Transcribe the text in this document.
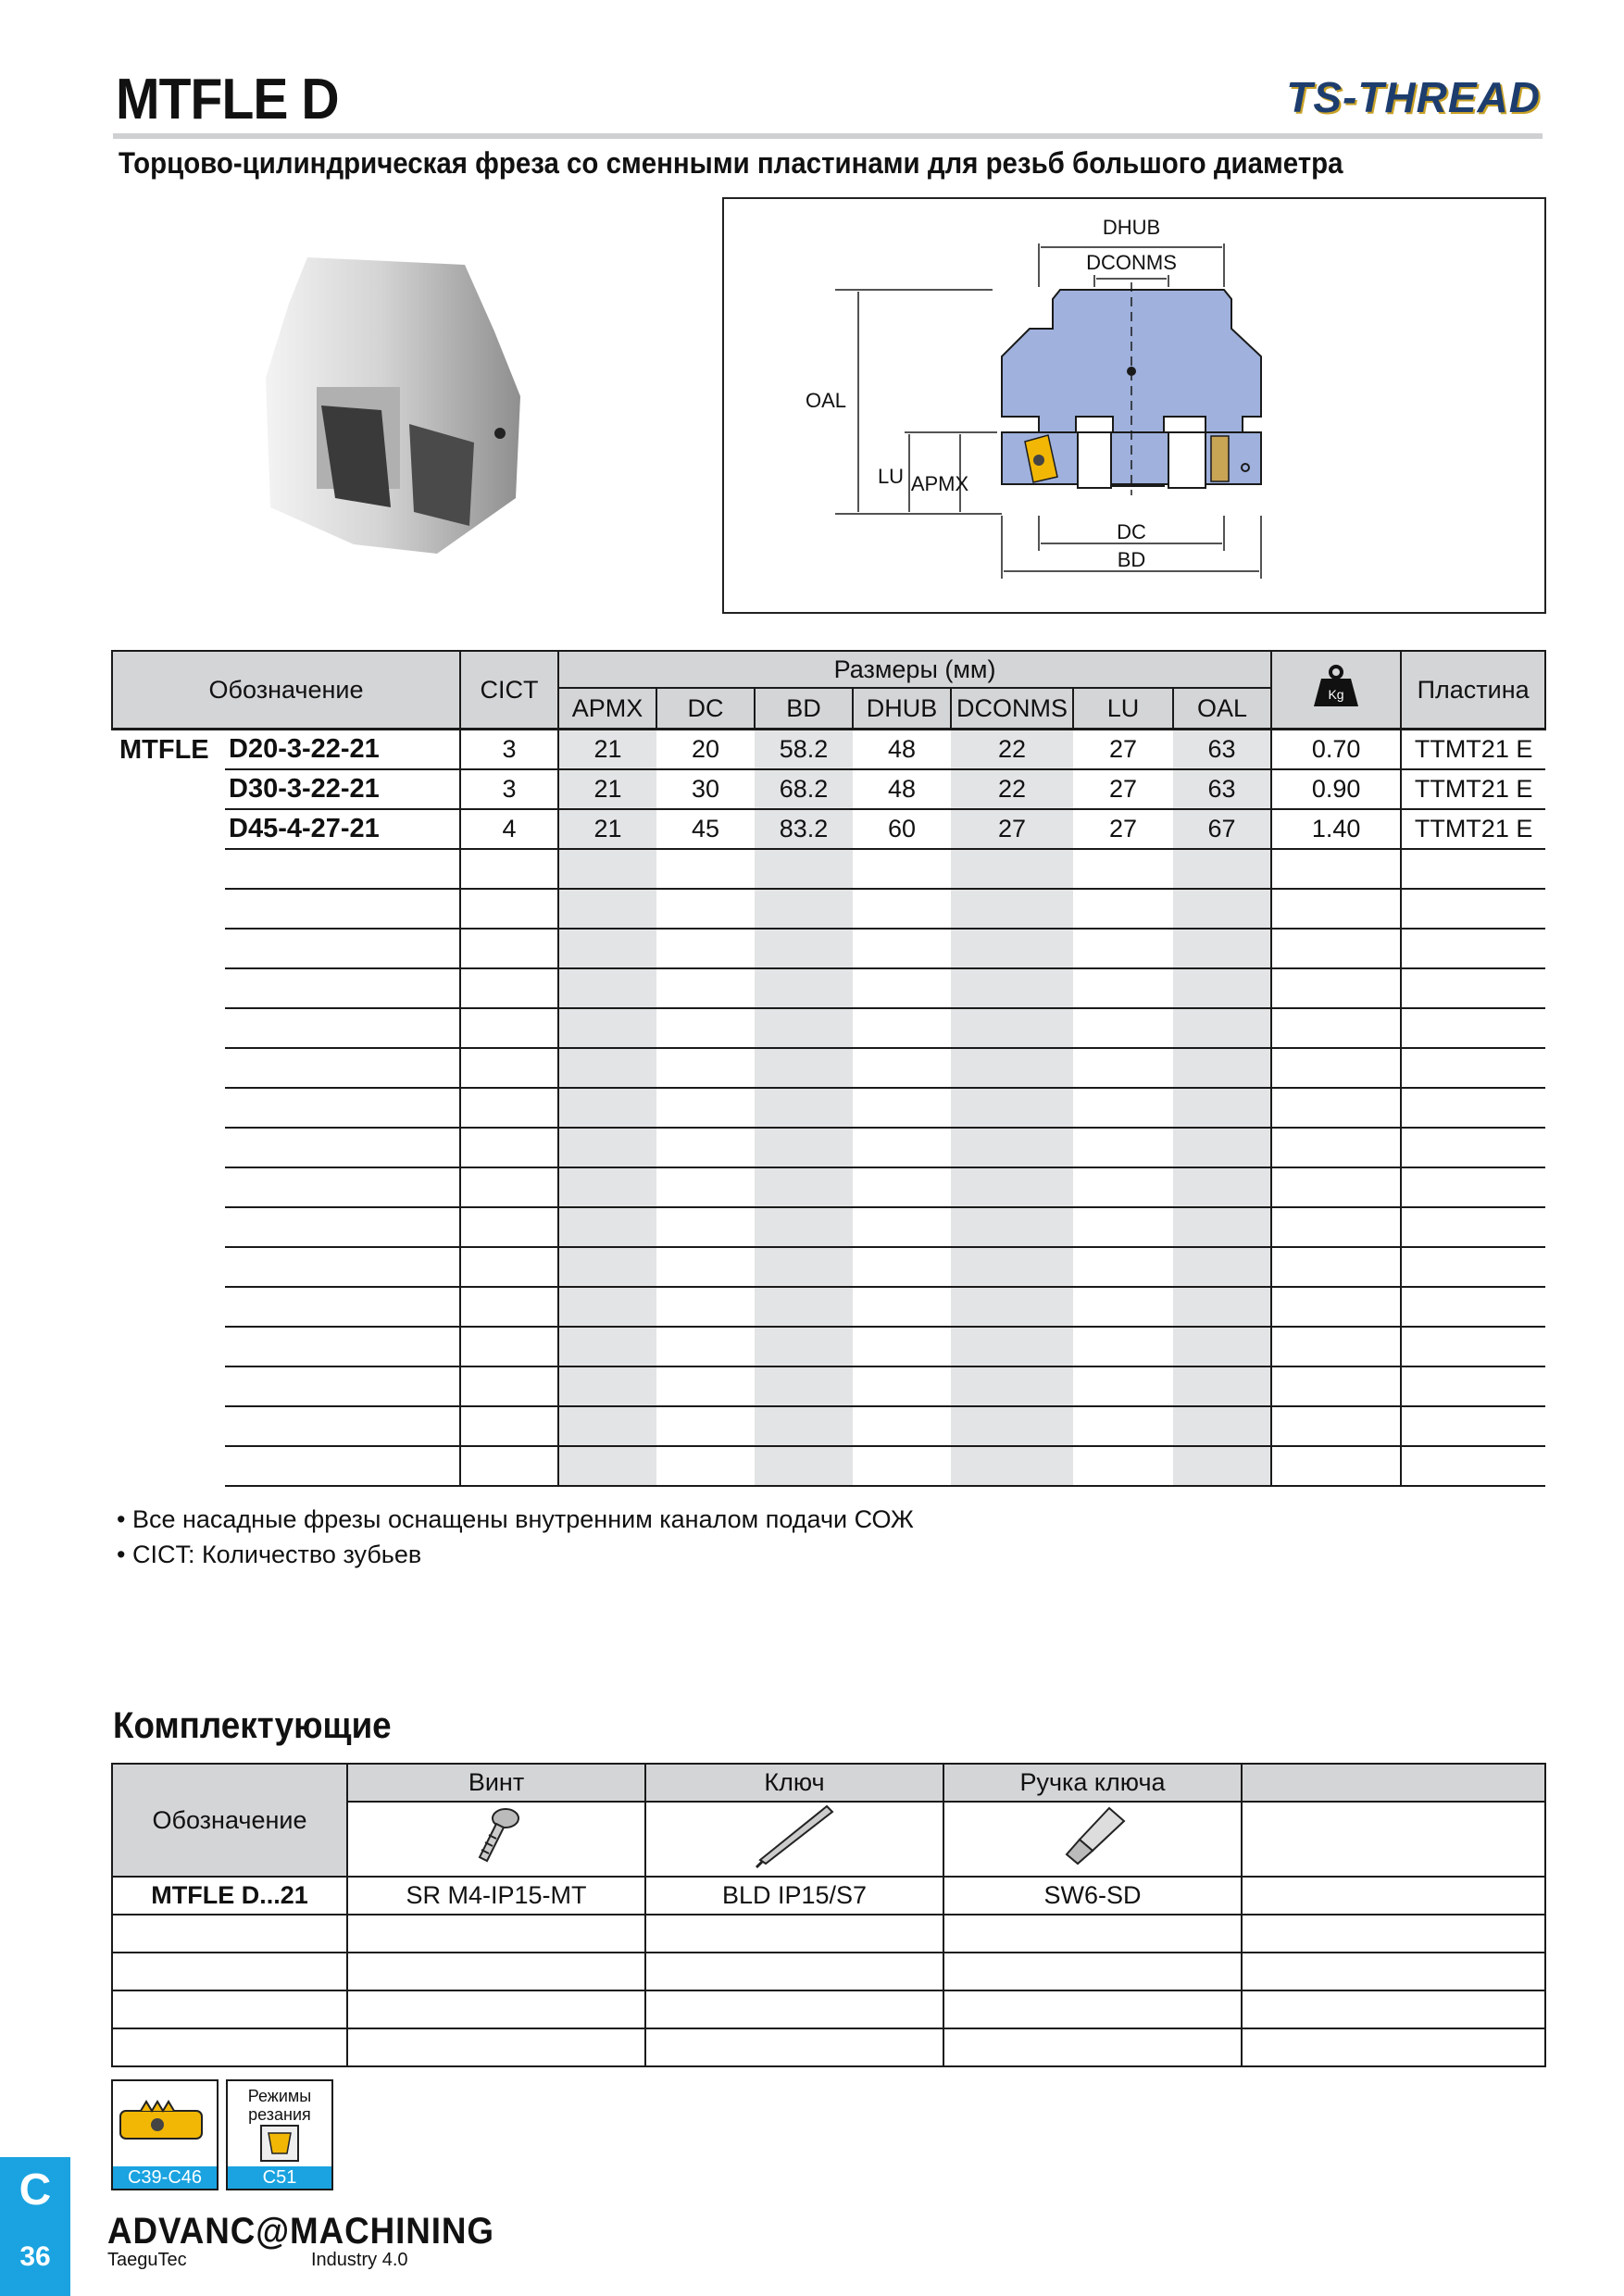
MTFLE D	TS-THREAD
Торцово-цилиндрическая фреза со сменными пластинами для резьб большого диаметра
DHUB
DCONMS
OAL
LU APMX
DC
BD
Обозначение		CICT	Размеры (мм)							Kg	Пластина
			APMX	DC	BD	DHUB	DCONMS	LU	OAL		
MTFLE	D20-3-22-21	3	21	20	58.2	48	22	27	63	0.70	TTMT21 E
	D30-3-22-21	3	21	30	68.2	48	22	27	63	0.90	TTMT21 E
	D45-4-27-21	4	21	45	83.2	60	27	27	67	1.40	TTMT21 E

• Все насадные фрезы оснащены внутренним каналом подачи СОЖ
• CICT: Количество зубьев
Комплектующие
Обозначение	Винт	Ключ	Ручка ключа	

MTFLE D...21	SR M4-IP15-MT	BLD IP15/S7	SW6-SD	

C39-C46
Режимы резания
C51
C
36
ADVANC@MACHINING
TaeguTec	Industry 4.0
